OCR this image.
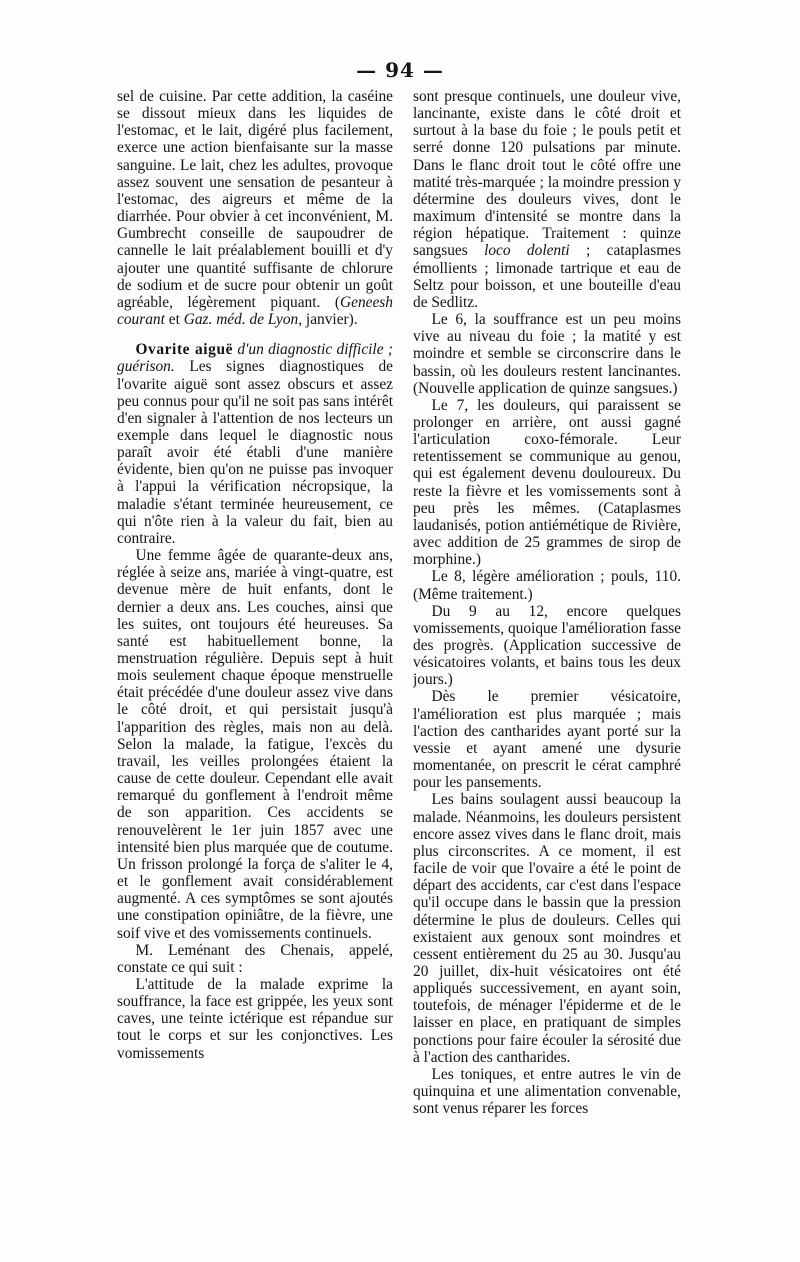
— 94 —

sel de cuisine. Par cette addition, la caséine se dissout mieux dans les liquides de l'estomac, et le lait, digéré plus facilement, exerce une action bienfaisante sur la masse sanguine. Le lait, chez les adultes, provoque assez souvent une sensation de pesanteur à l'estomac, des aigreurs et même de la diarrhée. Pour obvier à cet inconvénient, M. Gumbrecht conseille de saupoudrer de cannelle le lait préalablement bouilli et d'y ajouter une quantité suffisante de chlorure de sodium et de sucre pour obtenir un goût agréable, légèrement piquant. (Geneesh courant et Gaz. méd. de Lyon, janvier).

Ovarite aiguë d'un diagnostic difficile ; guérison. Les signes diagnostiques de l'ovarite aiguë sont assez obscurs et assez peu connus pour qu'il ne soit pas sans intérêt d'en signaler à l'attention de nos lecteurs un exemple dans lequel le diagnostic nous paraît avoir été établi d'une manière évidente, bien qu'on ne puisse pas invoquer à l'appui la vérification nécropsique, la maladie s'étant terminée heureusement, ce qui n'ôte rien à la valeur du fait, bien au contraire.

Une femme âgée de quarante-deux ans, réglée à seize ans, mariée à vingt-quatre, est devenue mère de huit enfants, dont le dernier a deux ans. Les couches, ainsi que les suites, ont toujours été heureuses. Sa santé est habituellement bonne, la menstruation régulière. Depuis sept à huit mois seulement chaque époque menstruelle était précédée d'une douleur assez vive dans le côté droit, et qui persistait jusqu'à l'apparition des règles, mais non au delà. Selon la malade, la fatigue, l'excès du travail, les veilles prolongées étaient la cause de cette douleur. Cependant elle avait remarqué du gonflement à l'endroit même de son apparition. Ces accidents se renouvelèrent le 1er juin 1857 avec une intensité bien plus marquée que de coutume. Un frisson prolongé la força de s'aliter le 4, et le gonflement avait considérablement augmenté. A ces symptômes se sont ajoutés une constipation opiniâtre, de la fièvre, une soif vive et des vomissements continuels.

M. Leménant des Chenais, appelé, constate ce qui suit :

L'attitude de la malade exprime la souffrance, la face est grippée, les yeux sont caves, une teinte ictérique est répandue sur tout le corps et sur les conjonctives. Les vomissements

sont presque continuels, une douleur vive, lancinante, existe dans le côté droit et surtout à la base du foie ; le pouls petit et serré donne 120 pulsations par minute. Dans le flanc droit tout le côté offre une matité très-marquée ; la moindre pression y détermine des douleurs vives, dont le maximum d'intensité se montre dans la région hépatique. Traitement : quinze sangsues loco dolenti ; cataplasmes émollients ; limonade tartrique et eau de Seltz pour boisson, et une bouteille d'eau de Sedlitz.

Le 6, la souffrance est un peu moins vive au niveau du foie ; la matité y est moindre et semble se circonscrire dans le bassin, où les douleurs restent lancinantes. (Nouvelle application de quinze sangsues.)

Le 7, les douleurs, qui paraissent se prolonger en arrière, ont aussi gagné l'articulation coxo-fémorale. Leur retentissement se communique au genou, qui est également devenu douloureux. Du reste la fièvre et les vomissements sont à peu près les mêmes. (Cataplasmes laudanisés, potion antiémétique de Rivière, avec addition de 25 grammes de sirop de morphine.)

Le 8, légère amélioration ; pouls, 110. (Même traitement.)

Du 9 au 12, encore quelques vomissements, quoique l'amélioration fasse des progrès. (Application successive de vésicatoires volants, et bains tous les deux jours.)

Dès le premier vésicatoire, l'amélioration est plus marquée ; mais l'action des cantharides ayant porté sur la vessie et ayant amené une dysurie momentanée, on prescrit le cérat camphré pour les pansements.

Les bains soulagent aussi beaucoup la malade. Néanmoins, les douleurs persistent encore assez vives dans le flanc droit, mais plus circonscrites. A ce moment, il est facile de voir que l'ovaire a été le point de départ des accidents, car c'est dans l'espace qu'il occupe dans le bassin que la pression détermine le plus de douleurs. Celles qui existaient aux genoux sont moindres et cessent entièrement du 25 au 30. Jusqu'au 20 juillet, dix-huit vésicatoires ont été appliqués successivement, en ayant soin, toutefois, de ménager l'épiderme et de le laisser en place, en pratiquant de simples ponctions pour faire écouler la sérosité due à l'action des cantharides.

Les toniques, et entre autres le vin de quinquina et une alimentation convenable, sont venus réparer les forces
